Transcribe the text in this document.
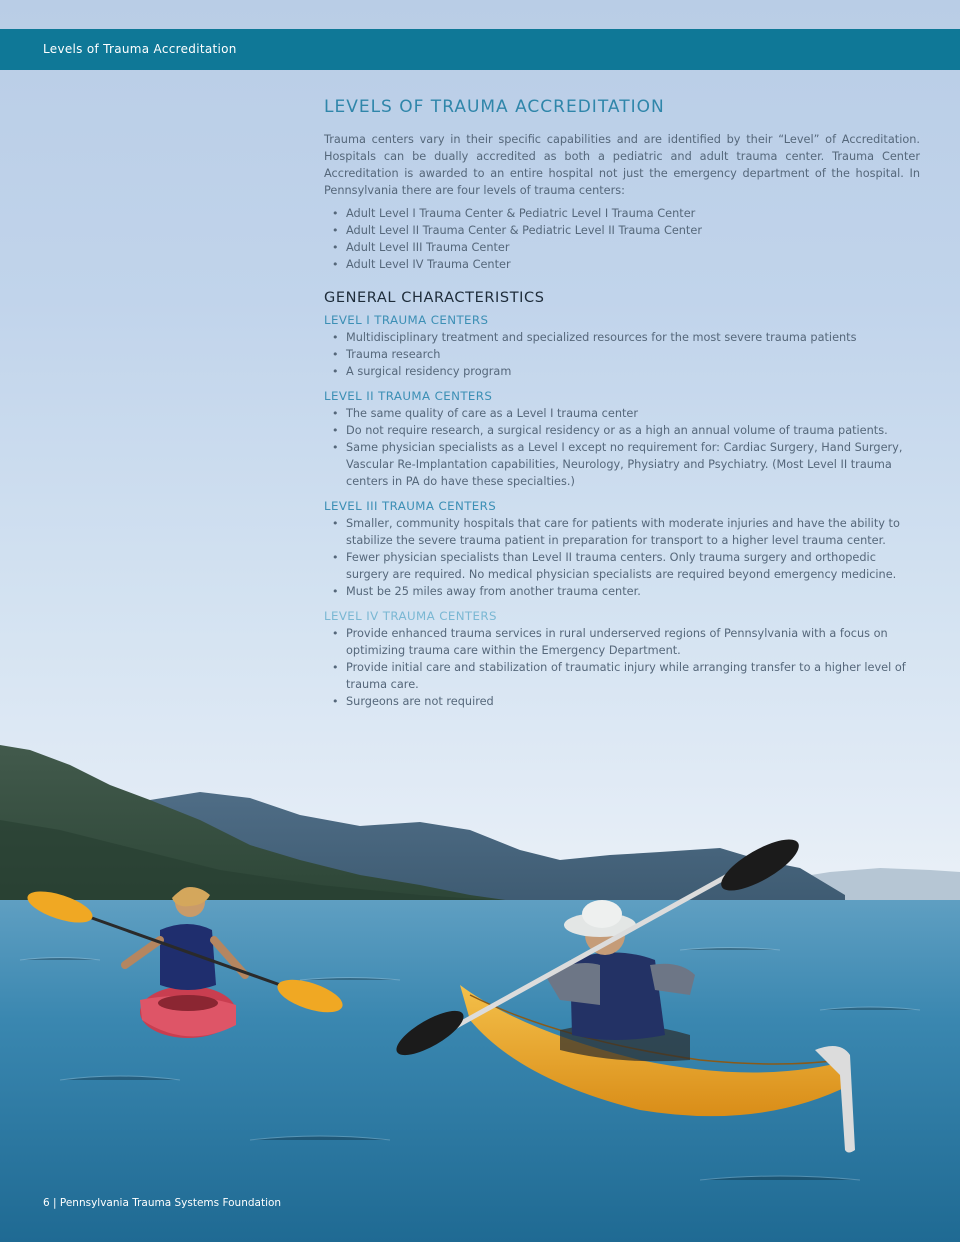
Levels of Trauma Accreditation
LEVELS OF TRAUMA ACCREDITATION

Trauma centers vary in their specific capabilities and are identified by their “Level” of Accreditation. Hospitals can be dually accredited as both a pediatric and adult trauma center. Trauma Center Accreditation is awarded to an entire hospital not just the emergency department of the hospital. In Pennsylvania there are four levels of trauma centers:

• Adult Level I Trauma Center & Pediatric Level I Trauma Center
• Adult Level II Trauma Center & Pediatric Level II Trauma Center
• Adult Level III Trauma Center
• Adult Level IV Trauma Center
GENERAL CHARACTERISTICS
LEVEL I TRAUMA CENTERS
• Multidisciplinary treatment and specialized resources for the most severe trauma patients
• Trauma research
• A surgical residency program
LEVEL II TRAUMA CENTERS
• The same quality of care as a Level I trauma center
• Do not require research, a surgical residency or as a high an annual volume of trauma patients.
• Same physician specialists as a Level I except no requirement for: Cardiac Surgery, Hand Surgery, Vascular Re-Implantation capabilities, Neurology, Physiatry and Psychiatry. (Most Level II trauma centers in PA do have these specialties.)
LEVEL III TRAUMA CENTERS
• Smaller, community hospitals that care for patients with moderate injuries and have the ability to stabilize the severe trauma patient in preparation for transport to a higher level trauma center.
• Fewer physician specialists than Level II trauma centers. Only trauma surgery and orthopedic surgery are required. No medical physician specialists are required beyond emergency medicine.
• Must be 25 miles away from another trauma center.
LEVEL IV TRAUMA CENTERS
• Provide enhanced trauma services in rural underserved regions of Pennsylvania with a focus on optimizing trauma care within the Emergency Department.
• Provide initial care and stabilization of traumatic injury while arranging transfer to a higher level of trauma care.
• Surgeons are not required
6 | Pennsylvania Trauma Systems Foundation
